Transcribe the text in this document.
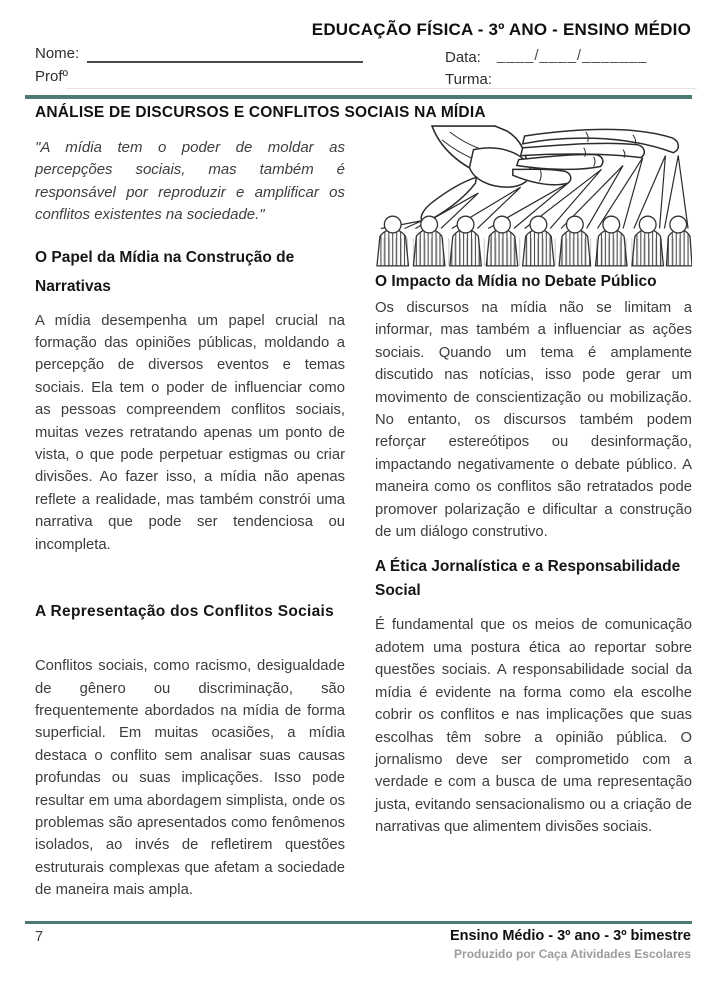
EDUCAÇÃO FÍSICA - 3º ANO - ENSINO MÉDIO
Nome:
Profº
Data: ____/____/_______
Turma:
ANÁLISE DE DISCURSOS E CONFLITOS SOCIAIS NA MÍDIA

"A mídia tem o poder de moldar as percepções sociais, mas também é responsável por reproduzir e amplificar os conflitos existentes na sociedade."

O Papel da Mídia na Construção de Narrativas

A mídia desempenha um papel crucial na formação das opiniões públicas, moldando a percepção de diversos eventos e temas sociais. Ela tem o poder de influenciar como as pessoas compreendem conflitos sociais, muitas vezes retratando apenas um ponto de vista, o que pode perpetuar estigmas ou criar divisões. Ao fazer isso, a mídia não apenas reflete a realidade, mas também constrói uma narrativa que pode ser tendenciosa ou incompleta.

A Representação dos Conflitos Sociais

Conflitos sociais, como racismo, desigualdade de gênero ou discriminação, são frequentemente abordados na mídia de forma superficial. Em muitas ocasiões, a mídia destaca o conflito sem analisar suas causas profundas ou suas implicações. Isso pode resultar em uma abordagem simplista, onde os problemas são apresentados como fenômenos isolados, ao invés de refletirem questões estruturais complexas que afetam a sociedade de maneira mais ampla.

O Impacto da Mídia no Debate Público

Os discursos na mídia não se limitam a informar, mas também a influenciar as ações sociais. Quando um tema é amplamente discutido nas notícias, isso pode gerar um movimento de conscientização ou mobilização. No entanto, os discursos também podem reforçar estereótipos ou desinformação, impactando negativamente o debate público. A maneira como os conflitos são retratados pode promover polarização e dificultar a construção de um diálogo construtivo.

A Ética Jornalística e a Responsabilidade Social

É fundamental que os meios de comunicação adotem uma postura ética ao reportar sobre questões sociais. A responsabilidade social da mídia é evidente na forma como ela escolhe cobrir os conflitos e nas implicações que suas escolhas têm sobre a opinião pública. O jornalismo deve ser comprometido com a verdade e com a busca de uma representação justa, evitando sensacionalismo ou a criação de narrativas que alimentem divisões sociais.

7	Ensino Médio - 3º ano - 3º bimestre
Produzido por Caça Atividades Escolares
